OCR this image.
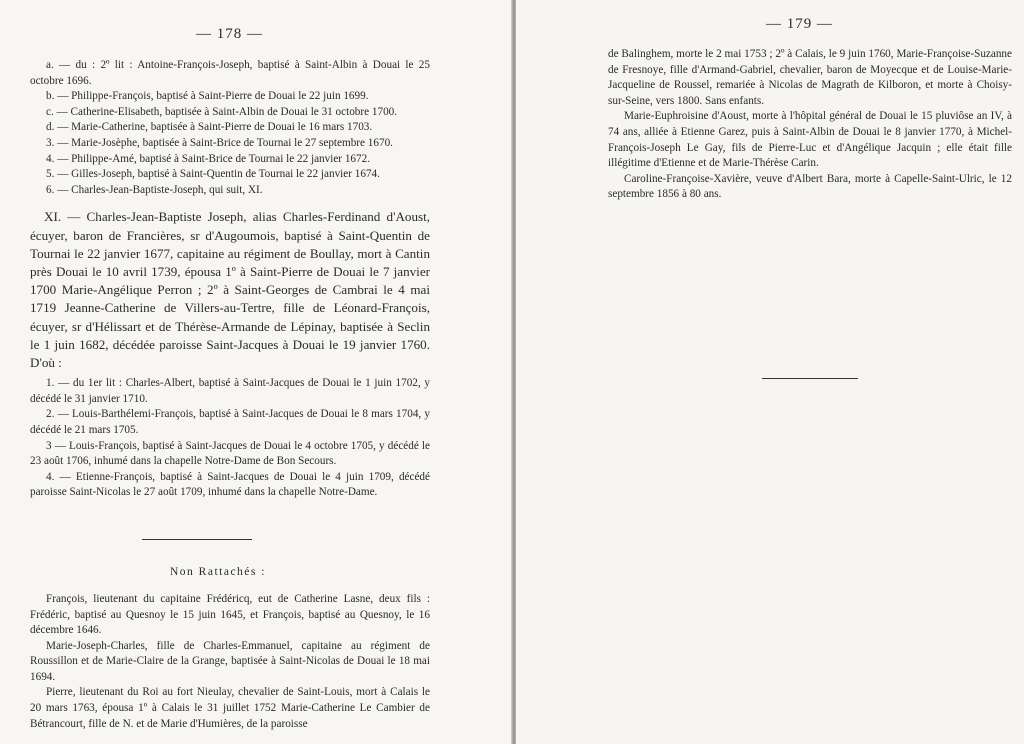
— 178 —

a. — du : 2º lit : Antoine-François-Joseph, baptisé à Saint-Albin à Douai le 25 octobre 1696.

b. — Philippe-François, baptisé à Saint-Pierre de Douai le 22 juin 1699.

c. — Catherine-Elisabeth, baptisée à Saint-Albin de Douai le 31 octobre 1700.

d. — Marie-Catherine, baptisée à Saint-Pierre de Douai le 16 mars 1703.

3. — Marie-Josèphe, baptisée à Saint-Brice de Tournai le 27 septembre 1670.

4. — Philippe-Amé, baptisé à Saint-Brice de Tournai le 22 janvier 1672.

5. — Gilles-Joseph, baptisé à Saint-Quentin de Tournai le 22 janvier 1674.

6. — Charles-Jean-Baptiste-Joseph, qui suit, XI.

XI. — Charles-Jean-Baptiste Joseph, alias Charles-Ferdinand d'Aoust, écuyer, baron de Francières, sr d'Augoumois, baptisé à Saint-Quentin de Tournai le 22 janvier 1677, capitaine au régiment de Boullay, mort à Cantin près Douai le 10 avril 1739, épousa 1º à Saint-Pierre de Douai le 7 janvier 1700 Marie-Angélique Perron ; 2º à Saint-Georges de Cambrai le 4 mai 1719 Jeanne-Catherine de Villers-au-Tertre, fille de Léonard-François, écuyer, sr d'Hélissart et de Thérèse-Armande de Lépinay, baptisée à Seclin le 1 juin 1682, décédée paroisse Saint-Jacques à Douai le 19 janvier 1760. D'où :

1. — du 1er lit : Charles-Albert, baptisé à Saint-Jacques de Douai le 1 juin 1702, y décédé le 31 janvier 1710.

2. — Louis-Barthélemi-François, baptisé à Saint-Jacques de Douai le 8 mars 1704, y décédé le 21 mars 1705.

3 — Louis-François, baptisé à Saint-Jacques de Douai le 4 octobre 1705, y décédé le 23 août 1706, inhumé dans la chapelle Notre-Dame de Bon Secours.

4. — Etienne-François, baptisé à Saint-Jacques de Douai le 4 juin 1709, décédé paroisse Saint-Nicolas le 27 août 1709, inhumé dans la chapelle Notre-Dame.

Non Rattachés :

François, lieutenant du capitaine Frédéricq, eut de Catherine Lasne, deux fils : Frédéric, baptisé au Quesnoy le 15 juin 1645, et François, baptisé au Quesnoy, le 16 décembre 1646.

Marie-Joseph-Charles, fille de Charles-Emmanuel, capitaine au régiment de Roussillon et de Marie-Claire de la Grange, baptisée à Saint-Nicolas de Douai le 18 mai 1694.

Pierre, lieutenant du Roi au fort Nieulay, chevalier de Saint-Louis, mort à Calais le 20 mars 1763, épousa 1º à Calais le 31 juillet 1752 Marie-Catherine Le Cambier de Bétrancourt, fille de N. et de Marie d'Humières, de la paroisse

— 179 —

de Balinghem, morte le 2 mai 1753 ; 2º à Calais, le 9 juin 1760, Marie-Françoise-Suzanne de Fresnoye, fille d'Armand-Gabriel, chevalier, baron de Moyecque et de Louise-Marie-Jacqueline de Roussel, remariée à Nicolas de Magrath de Kilboron, et morte à Choisy-sur-Seine, vers 1800. Sans enfants.

Marie-Euphroisine d'Aoust, morte à l'hôpital général de Douai le 15 pluviôse an IV, à 74 ans, alliée à Etienne Garez, puis à Saint-Albin de Douai le 8 janvier 1770, à Michel-François-Joseph Le Gay, fils de Pierre-Luc et d'Angélique Jacquin ; elle était fille illégitime d'Etienne et de Marie-Thérèse Carin.

Caroline-Françoise-Xavière, veuve d'Albert Bara, morte à Capelle-Saint-Ulric, le 12 septembre 1856 à 80 ans.
